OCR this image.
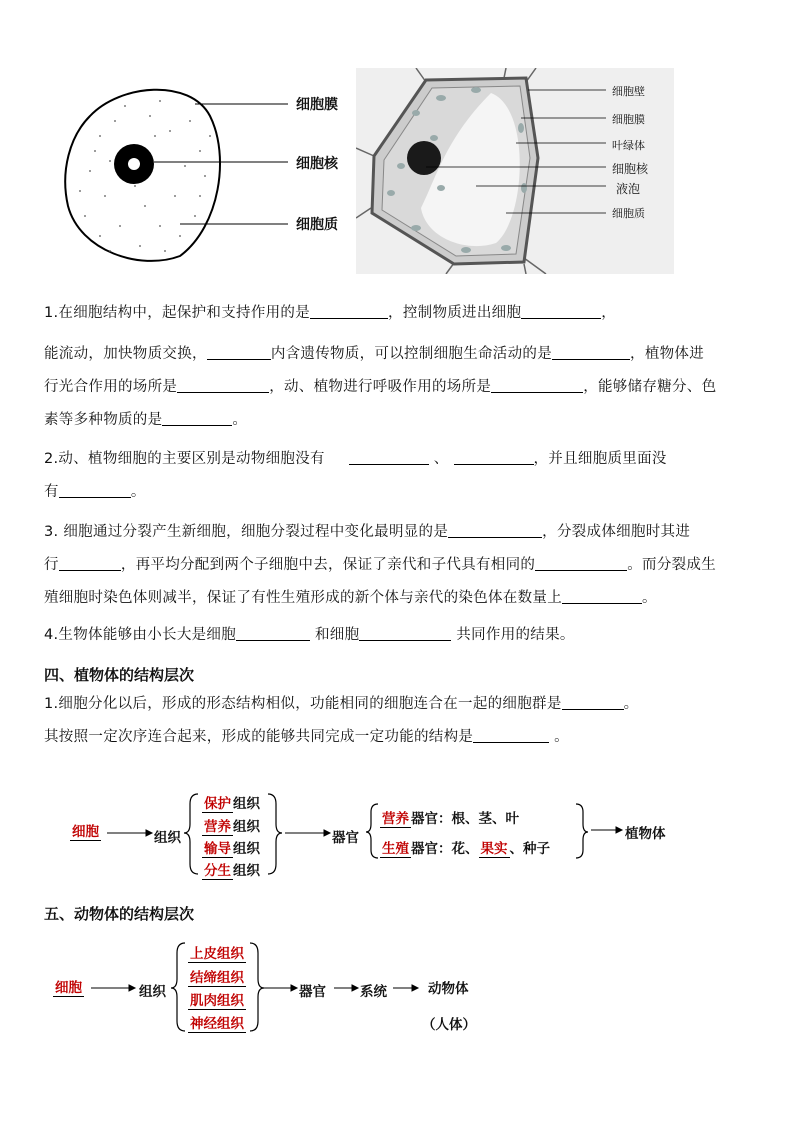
细胞膜
细胞核
细胞质
细胞壁
细胞膜
叶绿体
细胞核
液泡
细胞质

1.在细胞结构中，起保护和支持作用的是	，控制物质进出细胞	，

能流动，加快物质交换，	内含遗传物质，可以控制细胞生命活动的是	，植物体进

行光合作用的场所是	，动、植物进行呼吸作用的场所是	，能够储存糖分、色

素等多种物质的是	。

2.动、植物细胞的主要区别是动物细胞没有	、	，并且细胞质里面没

有	。

3. 细胞通过分裂产生新细胞，细胞分裂过程中变化最明显的是	，分裂成体细胞时其进

行	，再平均分配到两个子细胞中去，保证了亲代和子代具有相同的	。而分裂成生

殖细胞时染色体则减半，保证了有性生殖形成的新个体与亲代的染色体在数量上	。

4.生物体能够由小长大是细胞	和细胞	共同作用的结果。

四、植物体的结构层次

1.细胞分化以后，形成的形态结构相似，功能相同的细胞连合在一起的细胞群是	。

其按照一定次序连合起来，形成的能够共同完成一定功能的结构是	。

细胞	组织
保护 组织
营养 组织
输导 组织
分生 组织
器官
营养 器官：根、茎、叶
生殖 器官：花、 果实 、种子
植物体
五、动物体的结构层次
细胞	组织
上皮组织
结缔组织
肌肉组织
神经组织
器官	系统	动物体
（人体）
